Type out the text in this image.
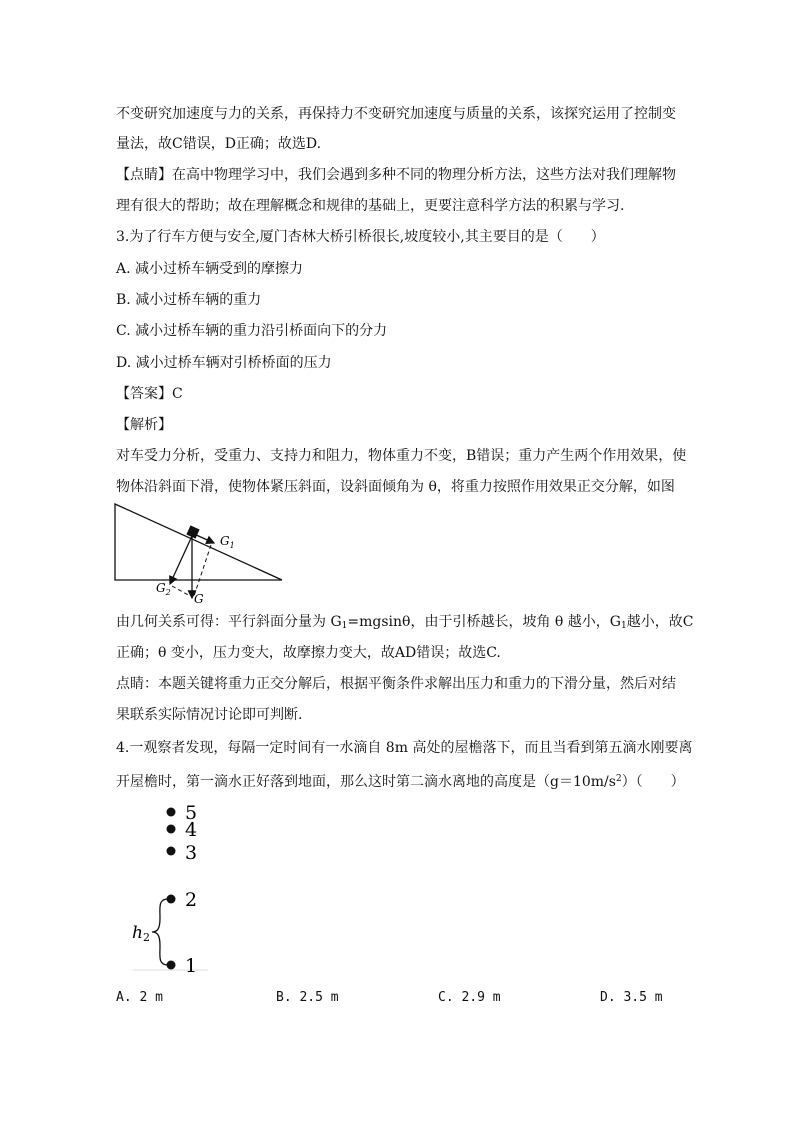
不变研究加速度与力的关系，再保持力不变研究加速度与质量的关系，该探究运用了控制变
量法，故C错误，D正确；故选D.
【点睛】在高中物理学习中，我们会遇到多种不同的物理分析方法，这些方法对我们理解物
理有很大的帮助；故在理解概念和规律的基础上，更要注意科学方法的积累与学习.
3.为了行车方便与安全,厦门杏林大桥引桥很长,坡度较小,其主要目的是（　　）
A. 减小过桥车辆受到的摩擦力
B. 减小过桥车辆的重力
C. 减小过桥车辆的重力沿引桥面向下的分力
D. 减小过桥车辆对引桥桥面的压力
【答案】C
【解析】
对车受力分析，受重力、支持力和阻力，物体重力不变，B错误；重力产生两个作用效果，使
物体沿斜面下滑，使物体紧压斜面，设斜面倾角为 θ，将重力按照作用效果正交分解，如图
$G_1$
$G_2$ G
由几何关系可得：平行斜面分量为 $G_1=mgsin\theta$，由于引桥越长，坡角 θ 越小，$G_1$越小，故C
正确；θ 变小，压力变大，故摩擦力变大，故AD错误；故选C.
点睛：本题关键将重力正交分解后，根据平衡条件求解出压力和重力的下滑分量，然后对结
果联系实际情况讨论即可判断.
4.一观察者发现，每隔一定时间有一水滴自 8m 高处的屋檐落下，而且当看到第五滴水刚要离
开屋檐时，第一滴水正好落到地面，那么这时第二滴水离地的高度是$(g=10m/s^2)$（　　）
5
4
3
2
1
h2
A. 2 m	B. 2.5 m	C. 2.9 m	D. 3.5 m
